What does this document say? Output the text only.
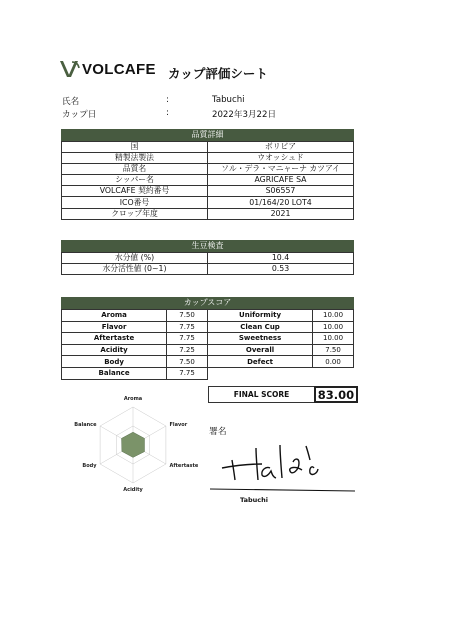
VOLCAFE カップ評価シート
氏名	:	Tabuchi
カップ日	:	2022年3月22日
品質詳細
国	ボリビア
精製法製法	ウオッシュド
品質名	ソル・デラ・マニャーナ カツアイ
シッパー名	AGRICAFE SA
VOLCAFE 契約番号	S06557
ICO番号	01/164/20 LOT4
クロップ年度	2021
生豆検査
水分値 (%)	10.4
水分活性値 (0~1)	0.53
カップスコア
Aroma	7.50	Uniformity	10.00
Flavor	7.75	Clean Cup	10.00
Aftertaste	7.75	Sweetness	10.00
Acidity	7.25	Overall	7.50
Body	7.50	Defect	0.00
Balance	7.75		
FINAL SCORE	83.00
Aroma
Flavor
Aftertaste
Acidity
Body
Balance
署名
Tabuchi
